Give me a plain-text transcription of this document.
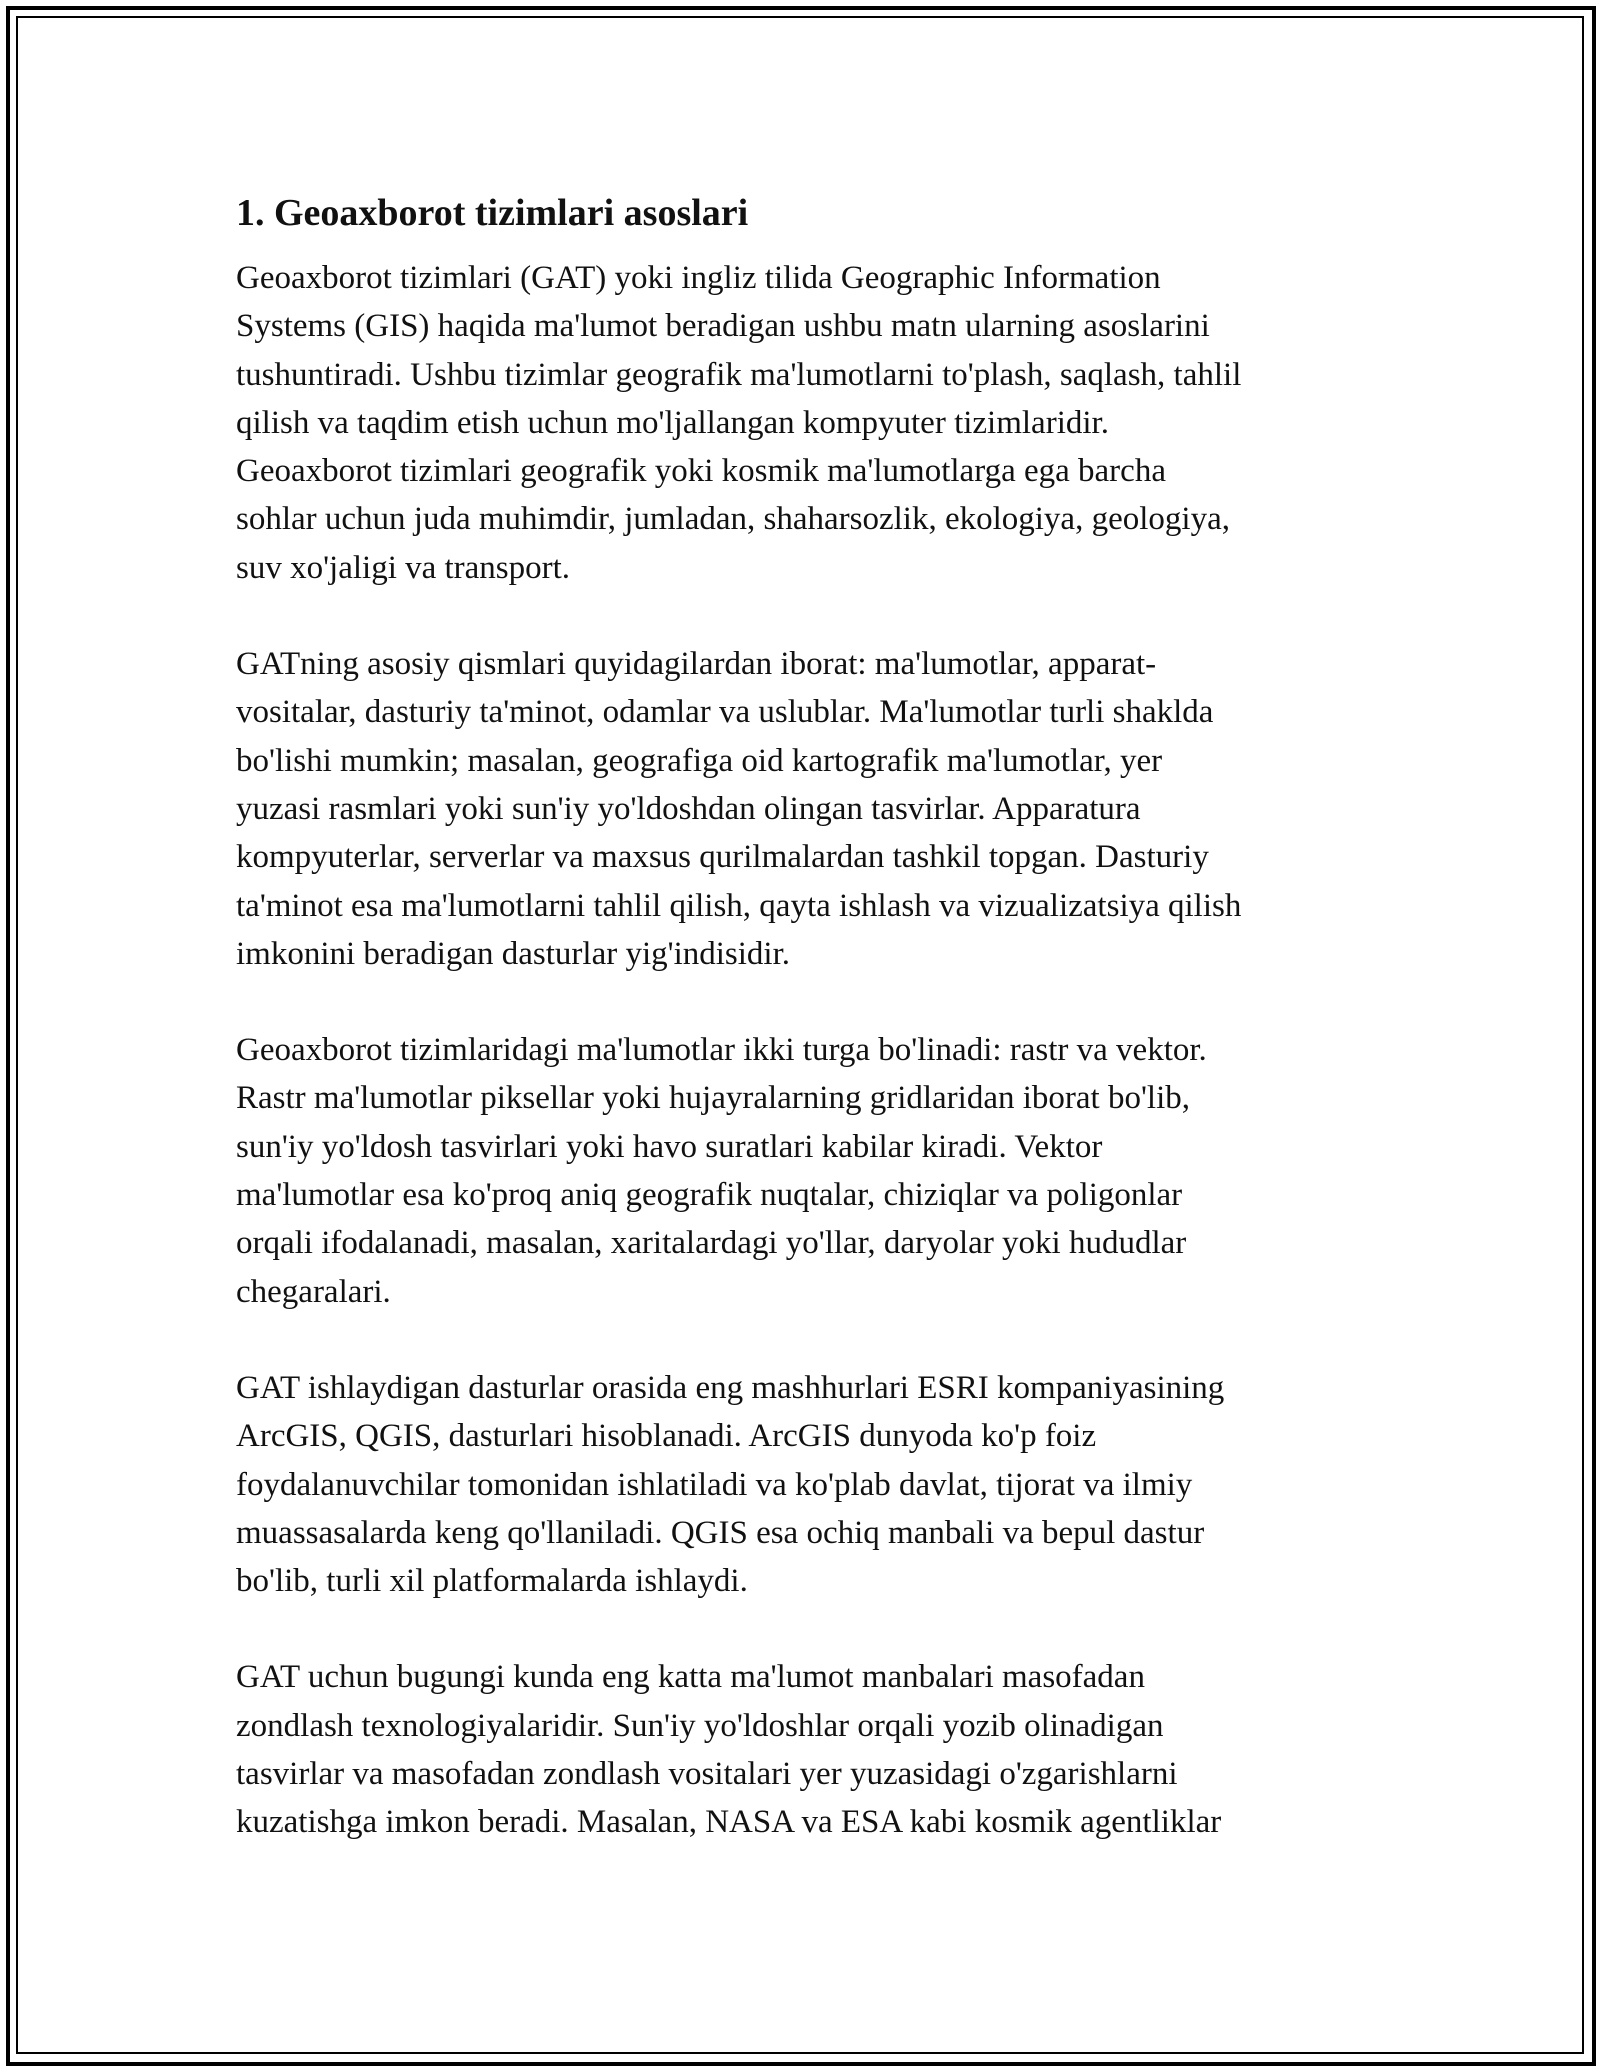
1. Geoaxborot tizimlari asoslari

Geoaxborot tizimlari (GAT) yoki ingliz tilida Geographic Information
Systems (GIS) haqida ma'lumot beradigan ushbu matn ularning asoslarini
tushuntiradi. Ushbu tizimlar geografik ma'lumotlarni to'plash, saqlash, tahlil
qilish va taqdim etish uchun mo'ljallangan kompyuter tizimlaridir.
Geoaxborot tizimlari geografik yoki kosmik ma'lumotlarga ega barcha
sohlar uchun juda muhimdir, jumladan, shaharsozlik, ekologiya, geologiya,
suv xo'jaligi va transport.

GATning asosiy qismlari quyidagilardan iborat: ma'lumotlar, apparat-
vositalar, dasturiy ta'minot, odamlar va uslublar. Ma'lumotlar turli shaklda
bo'lishi mumkin; masalan, geografiga oid kartografik ma'lumotlar, yer
yuzasi rasmlari yoki sun'iy yo'ldoshdan olingan tasvirlar. Apparatura
kompyuterlar, serverlar va maxsus qurilmalardan tashkil topgan. Dasturiy
ta'minot esa ma'lumotlarni tahlil qilish, qayta ishlash va vizualizatsiya qilish
imkonini beradigan dasturlar yig'indisidir.

Geoaxborot tizimlaridagi ma'lumotlar ikki turga bo'linadi: rastr va vektor.
Rastr ma'lumotlar piksellar yoki hujayralarning gridlaridan iborat bo'lib,
sun'iy yo'ldosh tasvirlari yoki havo suratlari kabilar kiradi. Vektor
ma'lumotlar esa ko'proq aniq geografik nuqtalar, chiziqlar va poligonlar
orqali ifodalanadi, masalan, xaritalardagi yo'llar, daryolar yoki hududlar
chegaralari.

GAT ishlaydigan dasturlar orasida eng mashhurlari ESRI kompaniyasining
ArcGIS, QGIS, dasturlari hisoblanadi. ArcGIS dunyoda ko'p foiz
foydalanuvchilar tomonidan ishlatiladi va ko'plab davlat, tijorat va ilmiy
muassasalarda keng qo'llaniladi. QGIS esa ochiq manbali va bepul dastur
bo'lib, turli xil platformalarda ishlaydi.

GAT uchun bugungi kunda eng katta ma'lumot manbalari masofadan
zondlash texnologiyalaridir. Sun'iy yo'ldoshlar orqali yozib olinadigan
tasvirlar va masofadan zondlash vositalari yer yuzasidagi o'zgarishlarni
kuzatishga imkon beradi. Masalan, NASA va ESA kabi kosmik agentliklar
